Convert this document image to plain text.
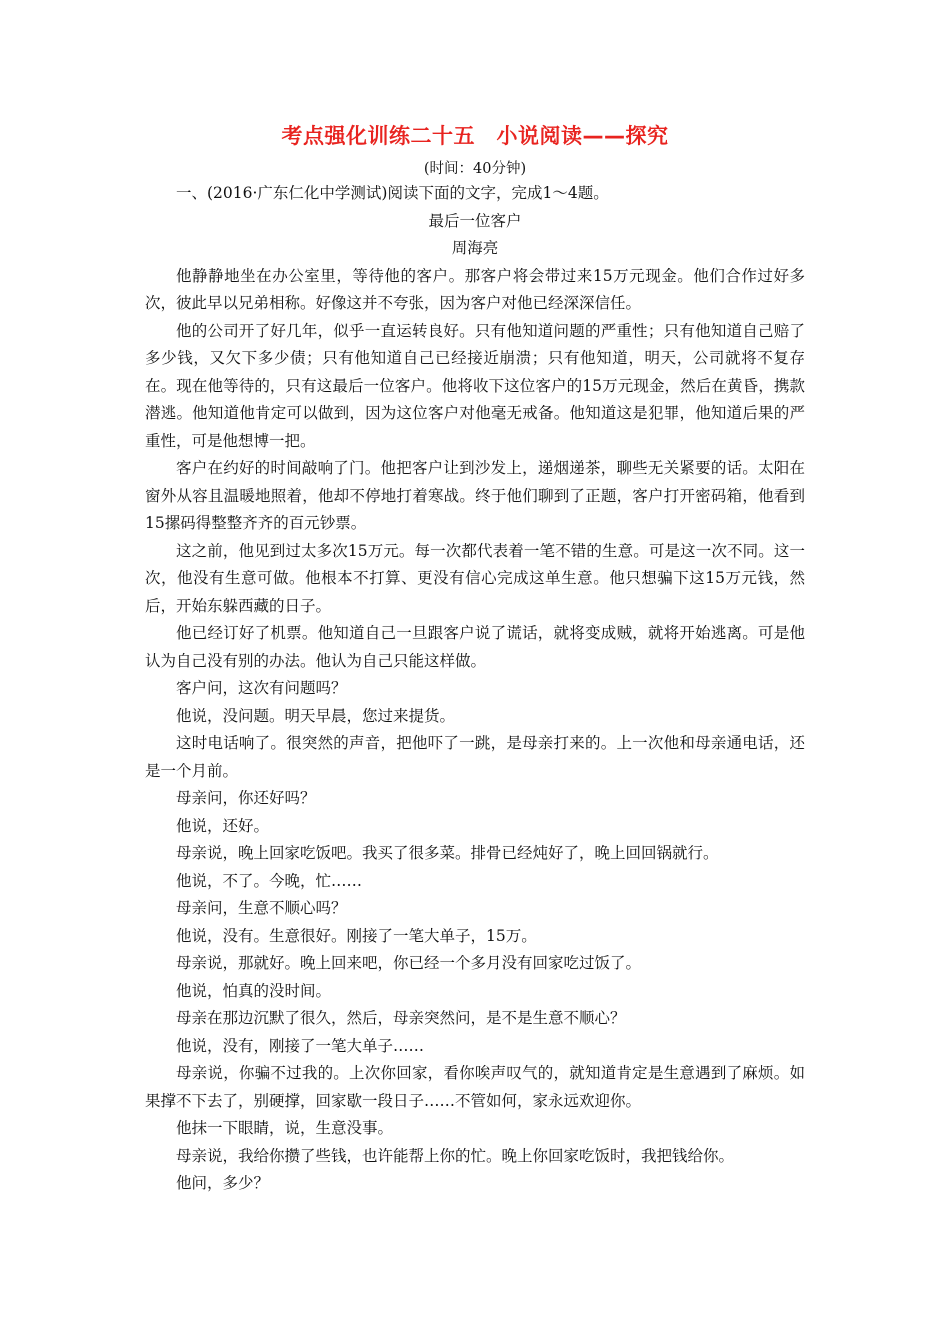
考点强化训练二十五　小说阅读——探究
(时间：40分钟)

一、(2016·广东仁化中学测试)阅读下面的文字，完成1～4题。

最后一位客户

周海亮

他静静地坐在办公室里，等待他的客户。那客户将会带过来15万元现金。他们合作过好多次，彼此早以兄弟相称。好像这并不夸张，因为客户对他已经深深信任。

他的公司开了好几年，似乎一直运转良好。只有他知道问题的严重性；只有他知道自己赔了多少钱，又欠下多少债；只有他知道自己已经接近崩溃；只有他知道，明天，公司就将不复存在。现在他等待的，只有这最后一位客户。他将收下这位客户的15万元现金，然后在黄昏，携款潜逃。他知道他肯定可以做到，因为这位客户对他毫无戒备。他知道这是犯罪，他知道后果的严重性，可是他想博一把。

客户在约好的时间敲响了门。他把客户让到沙发上，递烟递茶，聊些无关紧要的话。太阳在窗外从容且温暖地照着，他却不停地打着寒战。终于他们聊到了正题，客户打开密码箱，他看到15摞码得整整齐齐的百元钞票。

这之前，他见到过太多次15万元。每一次都代表着一笔不错的生意。可是这一次不同。这一次，他没有生意可做。他根本不打算、更没有信心完成这单生意。他只想骗下这15万元钱，然后，开始东躲西藏的日子。

他已经订好了机票。他知道自己一旦跟客户说了谎话，就将变成贼，就将开始逃离。可是他认为自己没有别的办法。他认为自己只能这样做。

客户问，这次有问题吗？

他说，没问题。明天早晨，您过来提货。

这时电话响了。很突然的声音，把他吓了一跳，是母亲打来的。上一次他和母亲通电话，还是一个月前。

母亲问，你还好吗？

他说，还好。

母亲说，晚上回家吃饭吧。我买了很多菜。排骨已经炖好了，晚上回回锅就行。

他说，不了。今晚，忙……

母亲问，生意不顺心吗？

他说，没有。生意很好。刚接了一笔大单子，15万。

母亲说，那就好。晚上回来吧，你已经一个多月没有回家吃过饭了。

他说，怕真的没时间。

母亲在那边沉默了很久，然后，母亲突然问，是不是生意不顺心？

他说，没有，刚接了一笔大单子……

母亲说，你骗不过我的。上次你回家，看你唉声叹气的，就知道肯定是生意遇到了麻烦。如果撑不下去了，别硬撑，回家歇一段日子……不管如何，家永远欢迎你。

他抹一下眼睛，说，生意没事。

母亲说，我给你攒了些钱，也许能帮上你的忙。晚上你回家吃饭时，我把钱给你。

他问，多少？
